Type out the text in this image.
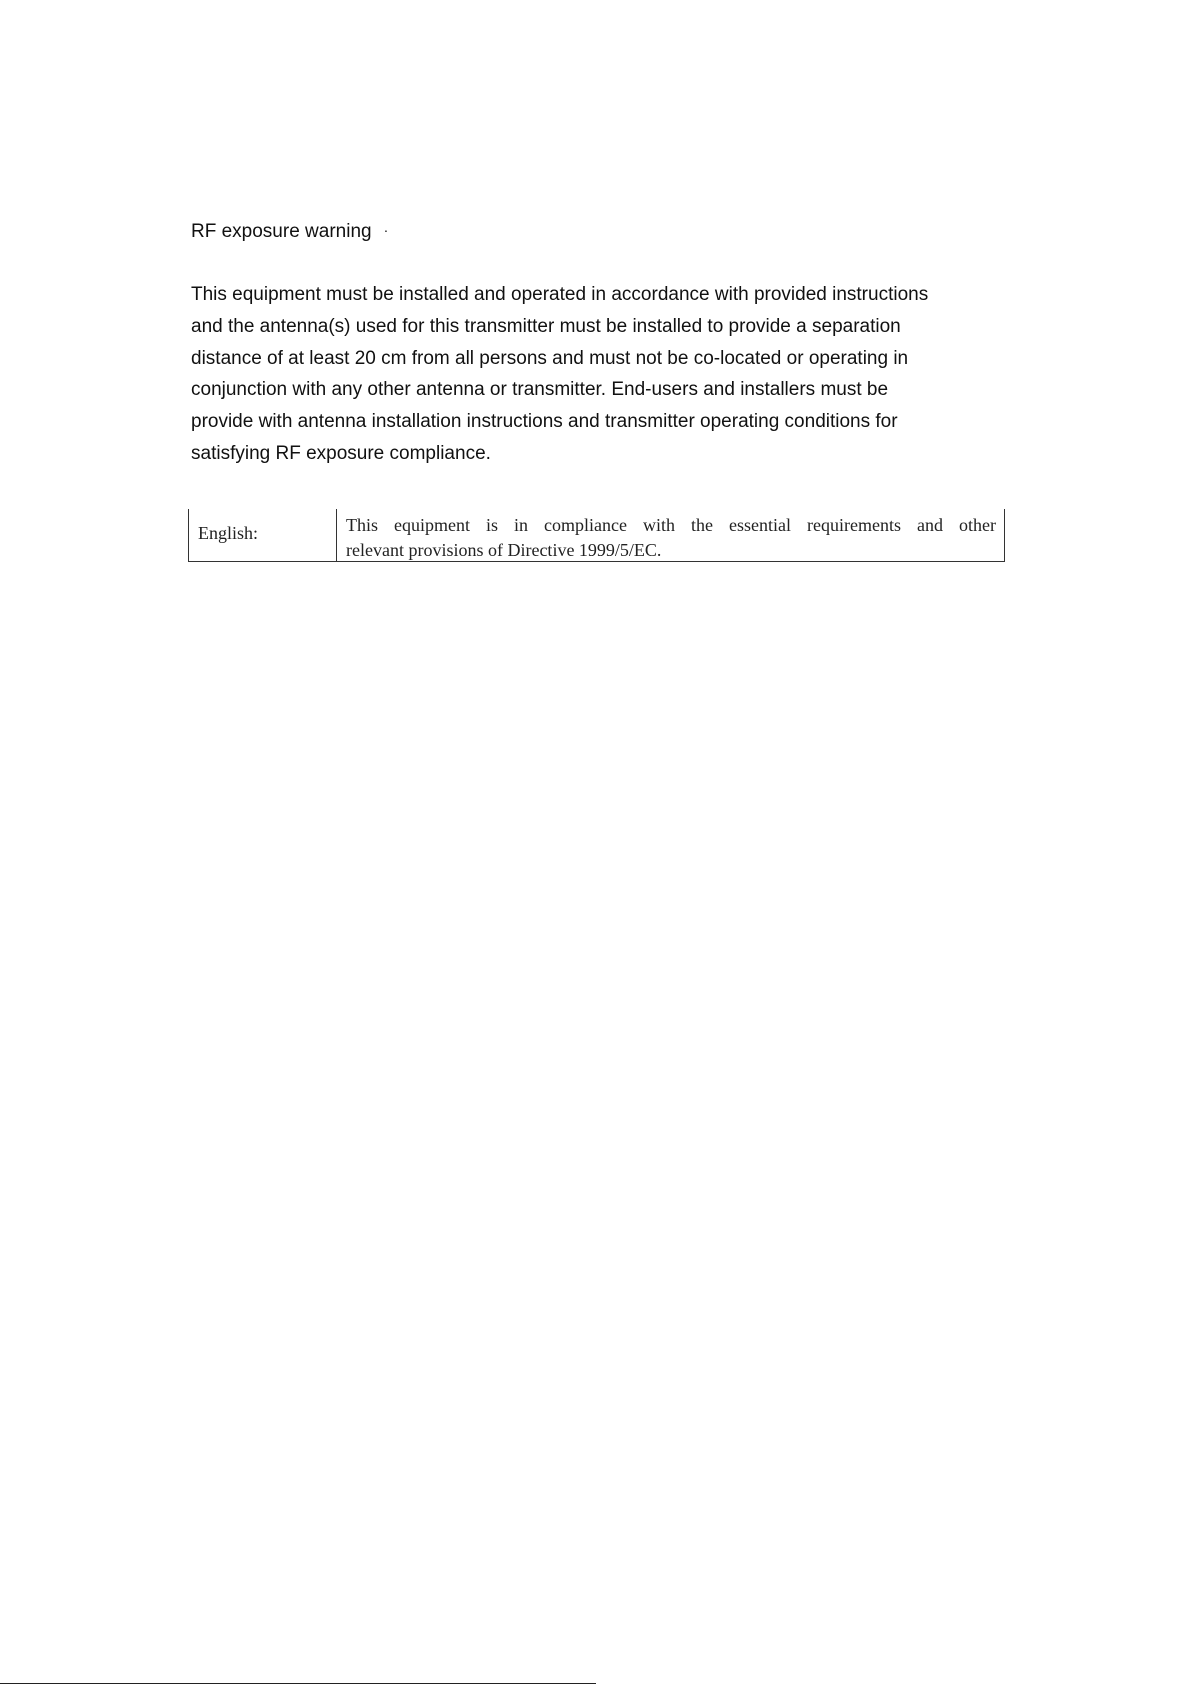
RF exposure warning ·
This equipment must be installed and operated in accordance with provided instructions
and the antenna(s) used for this transmitter must be installed to provide a separation
distance of at least 20 cm from all persons and must not be co-located or operating in
conjunction with any other antenna or transmitter. End-users and installers must be
provide with antenna installation instructions and transmitter operating conditions for
satisfying RF exposure compliance.
English:	This equipment is in compliance with the essential requirements and other
relevant provisions of Directive 1999/5/EC.
